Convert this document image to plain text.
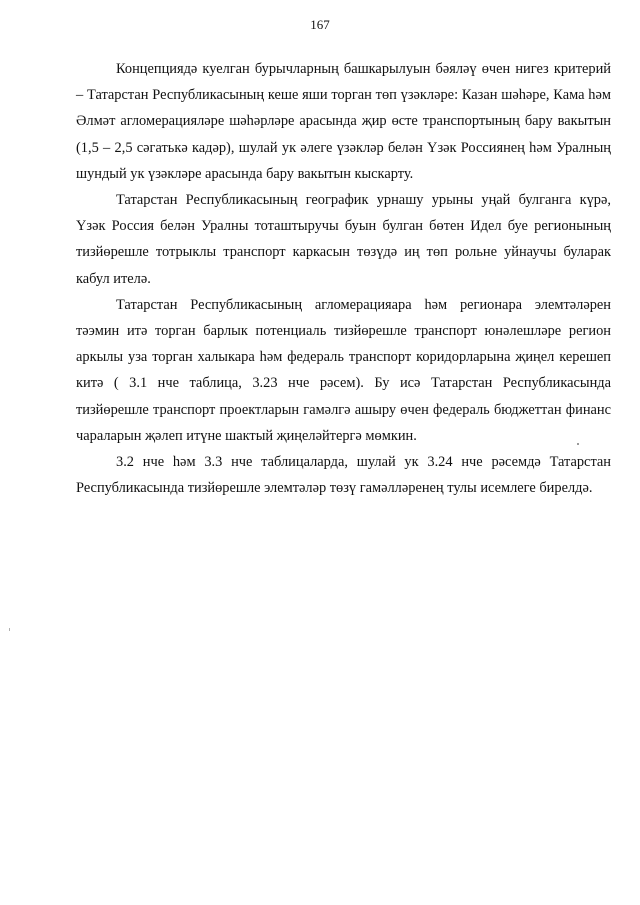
167

Концепциядә куелган бурычларның башкарылуын бәяләү өчен нигез критерий – Татарстан Республикасының кеше яши торган төп үзәкләре: Казан шәһәре, Кама һәм Әлмәт агломерацияләре шәһәрләре арасында җир өсте транспортының бару вакытын (1,5 – 2,5 сәгатькә кадәр), шулай ук әлеге үзәкләр белән Үзәк Россиянең һәм Уралның шундый ук үзәкләре арасында бару вакытын кыскарту.

Татарстан Республикасының географик урнашу урыны уңай булганга күрә, Үзәк Россия белән Уралны тоташтыручы буын булган бөтен Идел буе регионының тизйөрешле тотрыклы транспорт каркасын төзүдә иң төп рольне уйнаучы буларак кабул ителә.

Татарстан Республикасының агломерацияара һәм регионара элемтәләрен тәэмин итә торган барлык потенциаль тизйөрешле транспорт юнәлешләре регион аркылы уза торган халыкара һәм федераль транспорт коридорларына җиңел керешеп китә ( 3.1 нче таблица, 3.23 нче рәсем). Бу исә Татарстан Республикасында тизйөрешле транспорт проектларын гамәлгә ашыру өчен федераль бюджеттан финанс чараларын җәлеп итүне шактый җиңеләйтергә мөмкин.

3.2 нче һәм 3.3 нче таблицаларда, шулай ук 3.24 нче рәсемдә Татарстан Республикасында тизйөрешле элемтәләр төзү гамәлләренең тулы исемлеге бирелдә.
